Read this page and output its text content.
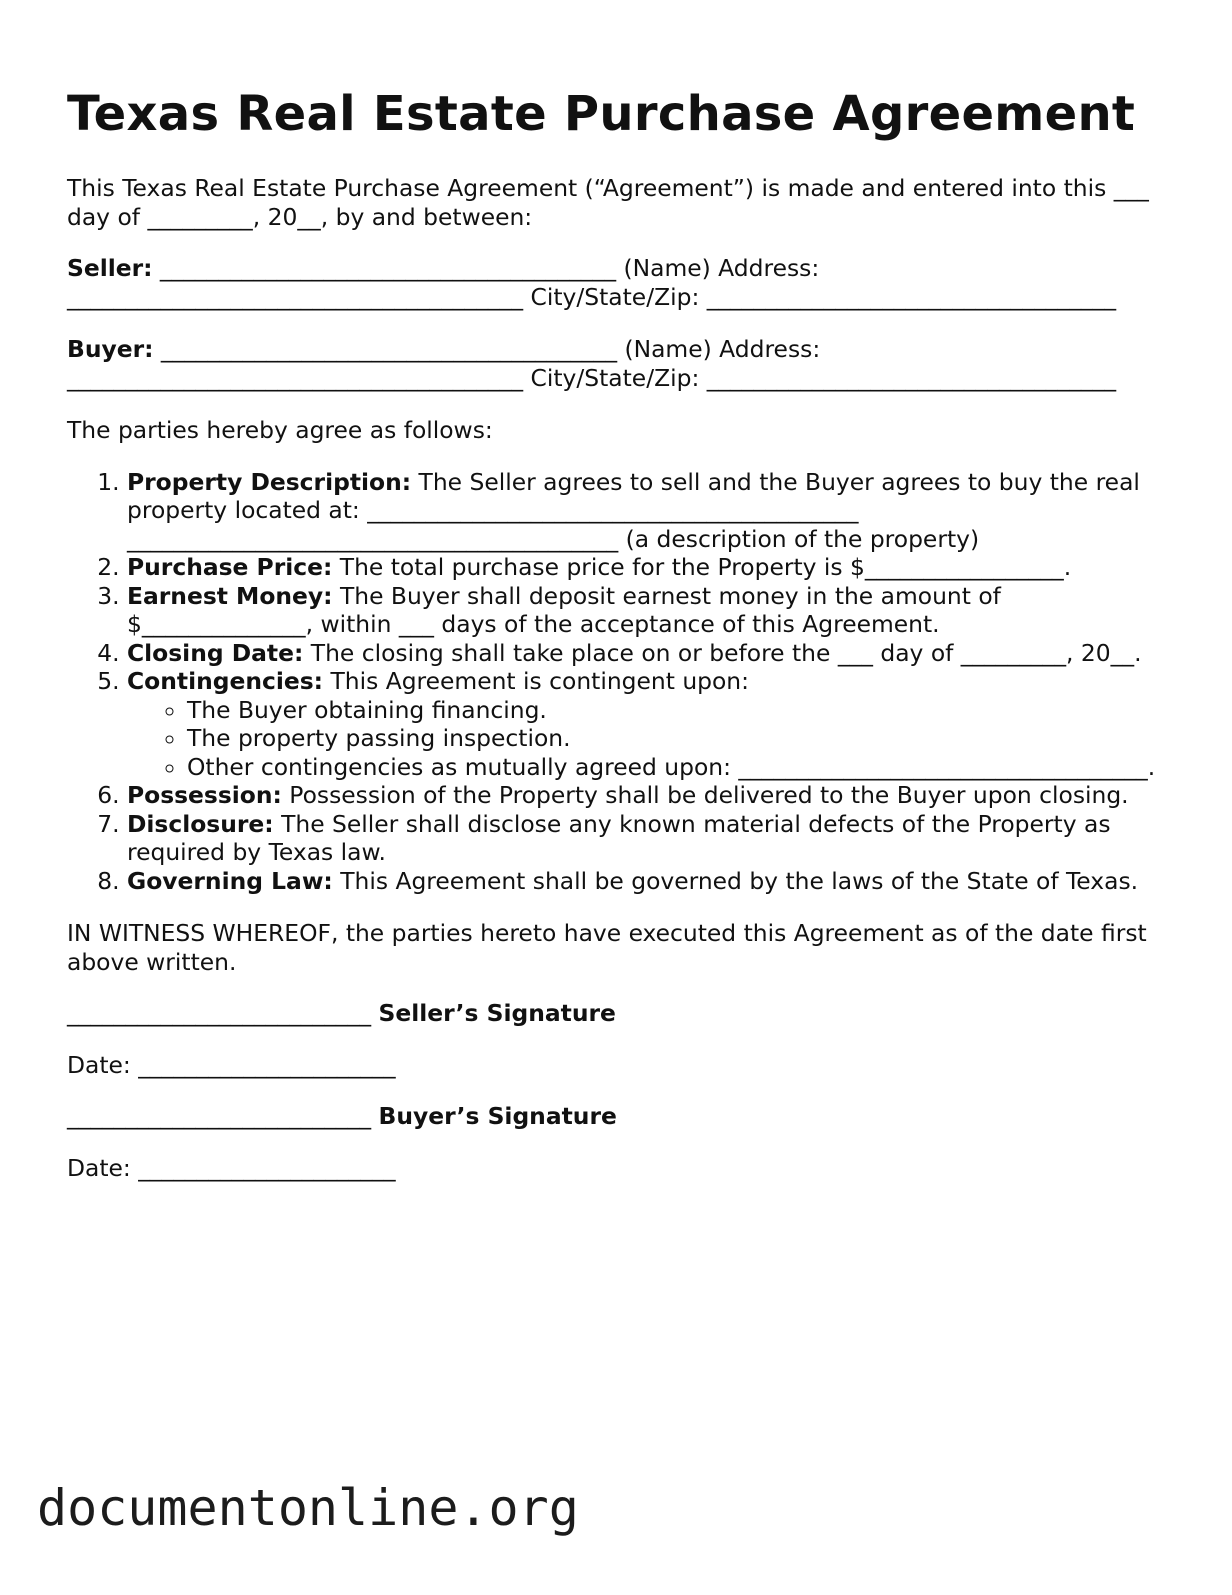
Texas Real Estate Purchase Agreement

This Texas Real Estate Purchase Agreement (“Agreement”) is made and entered into this ___ day of _________, 20__, by and between:

Seller: _______________________________________ (Name) Address: _______________________________________ City/State/Zip: ___________________________________

Buyer: _______________________________________ (Name) Address: _______________________________________ City/State/Zip: ___________________________________

The parties hereby agree as follows:

1. Property Description: The Seller agrees to sell and the Buyer agrees to buy the real property located at: __________________________________________ __________________________________________ (a description of the property)
2. Purchase Price: The total purchase price for the Property is $_________________.
3. Earnest Money: The Buyer shall deposit earnest money in the amount of $______________, within ___ days of the acceptance of this Agreement.
4. Closing Date: The closing shall take place on or before the ___ day of _________, 20__.
5. Contingencies: This Agreement is contingent upon:
◦ The Buyer obtaining financing.
◦ The property passing inspection.
◦ Other contingencies as mutually agreed upon: ___________________________________.
6. Possession: Possession of the Property shall be delivered to the Buyer upon closing.
7. Disclosure: The Seller shall disclose any known material defects of the Property as required by Texas law.
8. Governing Law: This Agreement shall be governed by the laws of the State of Texas.

IN WITNESS WHEREOF, the parties hereto have executed this Agreement as of the date first above written.

__________________________ Seller’s Signature
Date: ______________________
__________________________ Buyer’s Signature
Date: ______________________
documentonline.org
